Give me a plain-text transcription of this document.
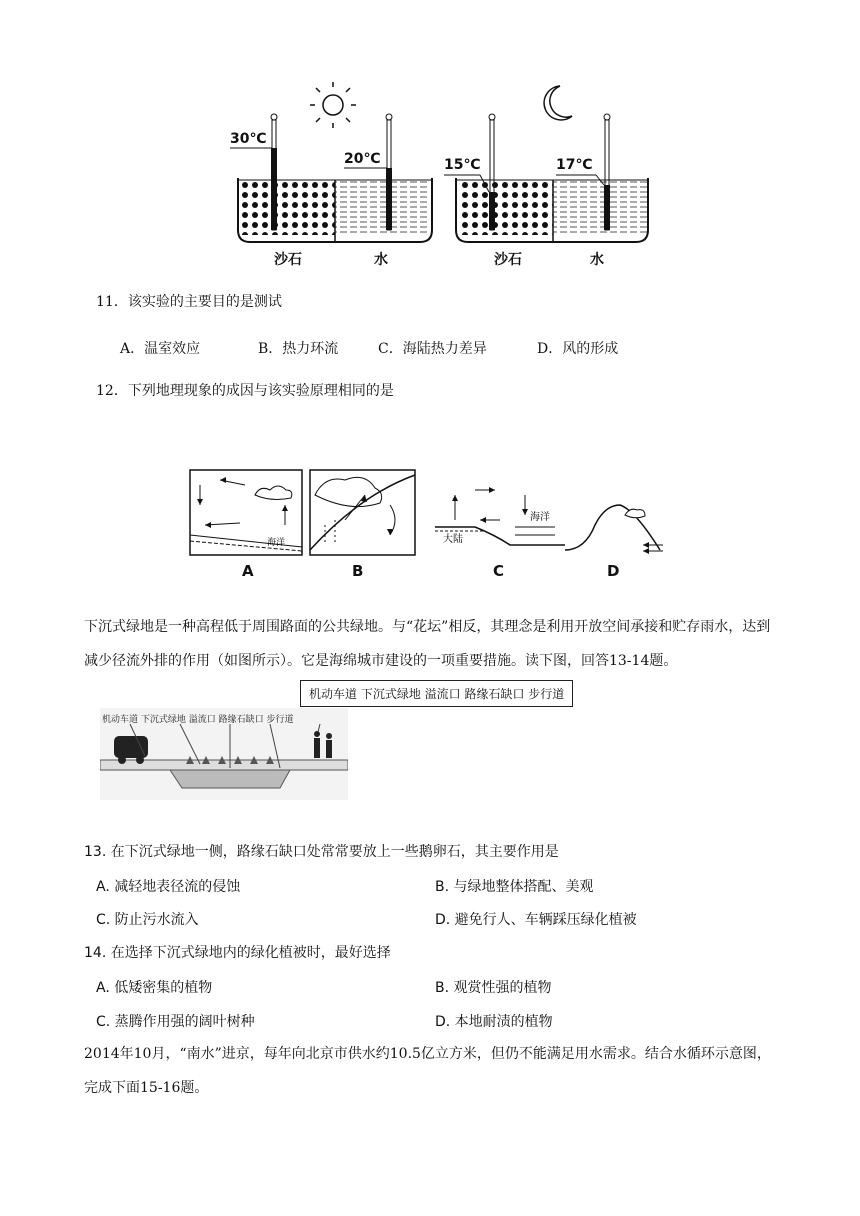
30℃
20℃	15℃	17℃
沙石	水	沙石	水
11．该实验的主要目的是测试
A．温室效应	B．热力环流	C．海陆热力差异	D．风的形成
12．下列地理现象的成因与该实验原理相同的是
海洋
海洋
大陆
A	B	C	D
下沉式绿地是一种高程低于周围路面的公共绿地。与“花坛”相反，其理念是利用开放空间承接和贮存雨水，达到减少径流外排的作用（如图所示）。它是海绵城市建设的一项重要措施。读下图，回答13-14题。
机动车道 下沉式绿地 溢流口 路缘石缺口 步行道
机动车道 下沉式绿地 溢流口 路缘石缺口 步行道
13. 在下沉式绿地一侧，路缘石缺口处常常要放上一些鹅卵石，其主要作用是
A. 减轻地表径流的侵蚀	B. 与绿地整体搭配、美观
C. 防止污水流入	D. 避免行人、车辆踩压绿化植被
14. 在选择下沉式绿地内的绿化植被时，最好选择
A. 低矮密集的植物	B. 观赏性强的植物
C. 蒸腾作用强的阔叶树种	D. 本地耐渍的植物
2014年10月，“南水”进京，每年向北京市供水约10.5亿立方米，但仍不能满足用水需求。结合水循环示意图，完成下面15-16题。
